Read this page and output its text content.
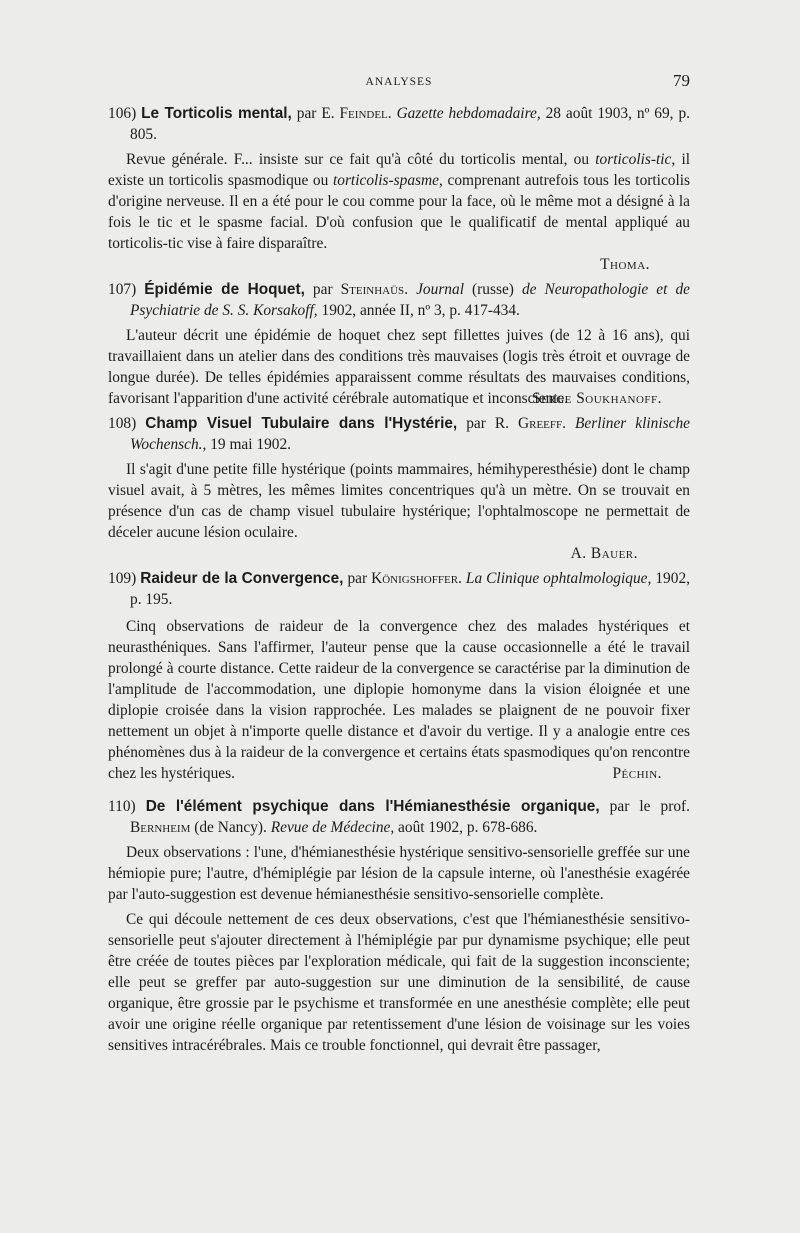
ANALYSES	79

106) Le Torticolis mental, par E. Feindel. Gazette hebdomadaire, 28 août 1903, nº 69, p. 805.

Revue générale. F... insiste sur ce fait qu'à côté du torticolis mental, ou torticolis-tic, il existe un torticolis spasmodique ou torticolis-spasme, comprenant autrefois tous les torticolis d'origine nerveuse. Il en a été pour le cou comme pour la face, où le même mot a désigné à la fois le tic et le spasme facial. D'où confusion que le qualificatif de mental appliqué au torticolis-tic vise à faire disparaître.

Thoma.

107) Épidémie de Hoquet, par Steinhaüs. Journal (russe) de Neuropathologie et de Psychiatrie de S. S. Korsakoff, 1902, année II, nº 3, p. 417-434.

L'auteur décrit une épidémie de hoquet chez sept fillettes juives (de 12 à 16 ans), qui travaillaient dans un atelier dans des conditions très mauvaises (logis très étroit et ouvrage de longue durée). De telles épidémies apparaissent comme résultats des mauvaises conditions, favorisant l'apparition d'une activité cérébrale automatique et inconsciente.

Serge Soukhanoff.

108) Champ Visuel Tubulaire dans l'Hystérie, par R. Greeff. Berliner klinische Wochensch., 19 mai 1902.

Il s'agit d'une petite fille hystérique (points mammaires, hémihyperesthésie) dont le champ visuel avait, à 5 mètres, les mêmes limites concentriques qu'à un mètre. On se trouvait en présence d'un cas de champ visuel tubulaire hystérique; l'ophtalmoscope ne permettait de déceler aucune lésion oculaire.

A. Bauer.

109) Raideur de la Convergence, par Königshoffer. La Clinique ophtalmologique, 1902, p. 195.

Cinq observations de raideur de la convergence chez des malades hystériques et neurasthéniques. Sans l'affirmer, l'auteur pense que la cause occasionnelle a été le travail prolongé à courte distance. Cette raideur de la convergence se caractérise par la diminution de l'amplitude de l'accommodation, une diplopie homonyme dans la vision éloignée et une diplopie croisée dans la vision rapprochée. Les malades se plaignent de ne pouvoir fixer nettement un objet à n'importe quelle distance et d'avoir du vertige. Il y a analogie entre ces phénomènes dus à la raideur de la convergence et certains états spasmodiques qu'on rencontre chez les hystériques.	Péchin.

110) De l'élément psychique dans l'Hémianesthésie organique, par le prof. Bernheim (de Nancy). Revue de Médecine, août 1902, p. 678-686.

Deux observations : l'une, d'hémianesthésie hystérique sensitivo-sensorielle greffée sur une hémiopie pure; l'autre, d'hémiplégie par lésion de la capsule interne, où l'anesthésie exagérée par l'auto-suggestion est devenue hémianesthésie sensitivo-sensorielle complète.

Ce qui découle nettement de ces deux observations, c'est que l'hémianesthésie sensitivo-sensorielle peut s'ajouter directement à l'hémiplégie par pur dynamisme psychique; elle peut être créée de toutes pièces par l'exploration médicale, qui fait de la suggestion inconsciente; elle peut se greffer par auto-suggestion sur une diminution de la sensibilité, de cause organique, être grossie par le psychisme et transformée en une anesthésie complète; elle peut avoir une origine réelle organique par retentissement d'une lésion de voisinage sur les voies sensitives intracérébrales. Mais ce trouble fonctionnel, qui devrait être passager,
